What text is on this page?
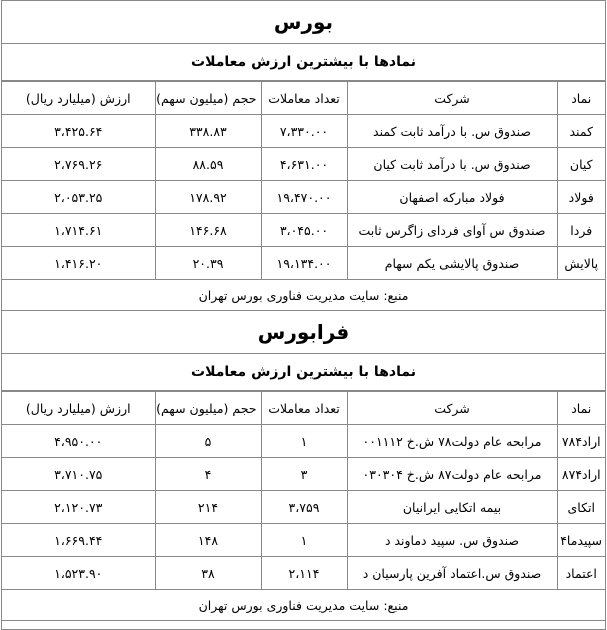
بورس
نمادها با بیشترین ارزش معاملات
نماد	شرکت	تعداد معاملات	حجم (میلیون سهم)	ارزش (میلیارد ریال)
کمند	صندوق س. با درآمد ثابت کمند	۷،۳۳۰.۰۰	۳۳۸.۸۳	۳،۴۲۵.۶۴
کیان	صندوق س. با درآمد ثابت کیان	۴،۶۳۱.۰۰	۸۸.۵۹	۲،۷۶۹.۲۶
فولاد	فولاد مبارکه اصفهان	۱۹،۴۷۰.۰۰	۱۷۸.۹۲	۲،۰۵۳.۲۵
فردا	صندوق س آوای فردای زاگرس ثابت	۳،۰۴۵.۰۰	۱۴۶.۶۸	۱،۷۱۴.۶۱
پالایش	صندوق پالایشی یکم سهام	۱۹،۱۳۴.۰۰	۲۰.۳۹	۱،۴۱۶.۲۰
منبع: سایت مدیریت فناوری بورس تهران
فرابورس
نمادها با بیشترین ارزش معاملات
نماد	شرکت	تعداد معاملات	حجم (میلیون سهم)	ارزش (میلیارد ریال)
اراد۷۸۴	مرابحه عام دولت۷۸ ش.خ ۰۰۱۱۱۲	۱	۵	۴،۹۵۰.۰۰
اراد۸۷۴	مرابحه عام دولت۸۷ ش.خ ۰۳۰۳۰۴	۳	۴	۳،۷۱۰.۷۵
اتکای	بیمه اتکایی ایرانیان	۳،۷۵۹	۲۱۴	۲،۱۲۰.۷۳
سپیدما۴	صندوق س. سپید دماوند د	۱	۱۴۸	۱،۶۶۹.۴۴
اعتماد	صندوق س.اعتماد آفرین پارسیان د	۲،۱۱۴	۳۸	۱،۵۲۳.۹۰
منبع: سایت مدیریت فناوری بورس تهران
